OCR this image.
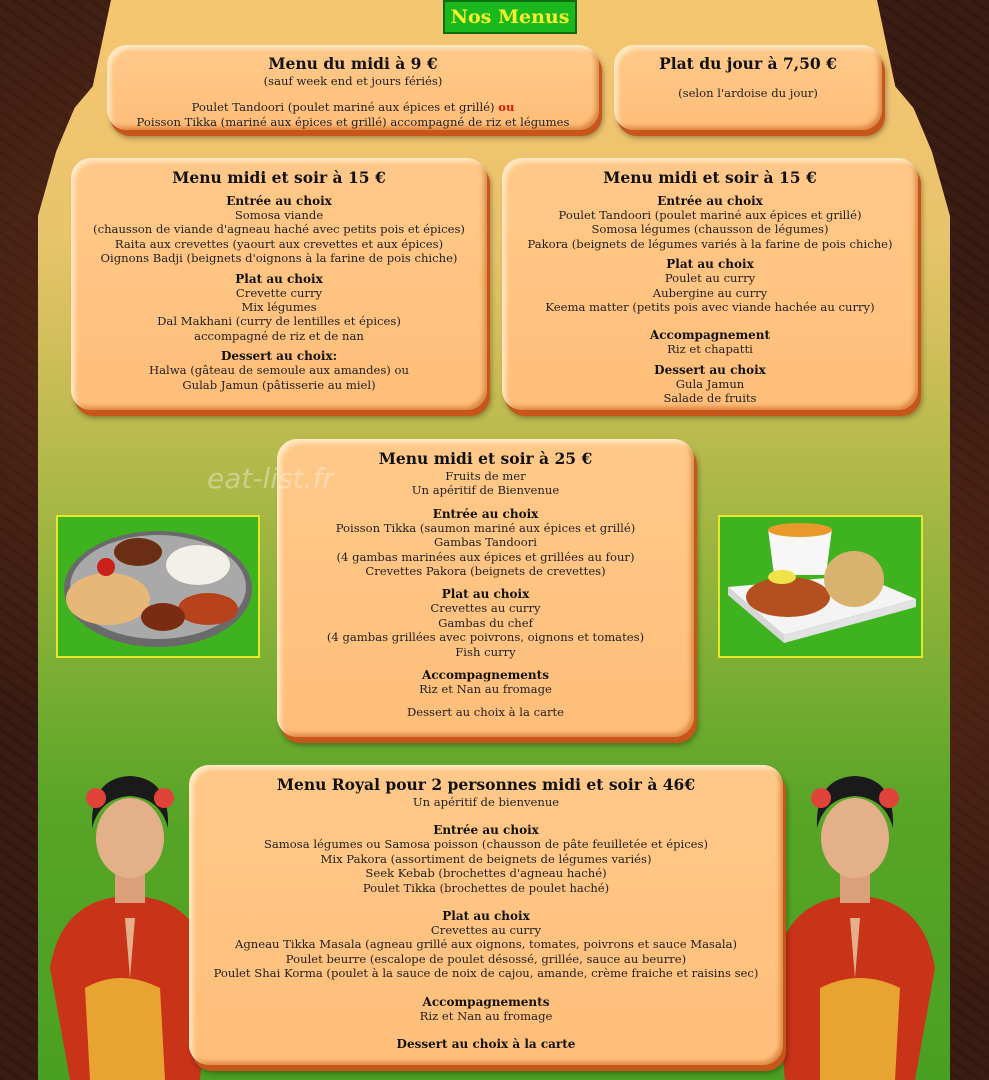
Nos Menus
Menu du midi à 9 €
(sauf week end et jours fériés)
Poulet Tandoori (poulet mariné aux épices et grillé) ou
Poisson Tikka (mariné aux épices et grillé) accompagné de riz et légumes
Plat du jour à 7,50 €
(selon l'ardoise du jour)
Menu midi et soir à 15 €
Entrée au choix
Somosa viande
(chausson de viande d'agneau haché avec petits pois et épices)
Raita aux crevettes (yaourt aux crevettes et aux épices)
Oignons Badji (beignets d'oignons à la farine de pois chiche)
Plat au choix
Crevette curry
Mix légumes
Dal Makhani (curry de lentilles et épices)
accompagné de riz et de nan
Dessert au choix:
Halwa (gâteau de semoule aux amandes) ou
Gulab Jamun (pâtisserie au miel)
Menu midi et soir à 15 €
Entrée au choix
Poulet Tandoori (poulet mariné aux épices et grillé)
Somosa légumes (chausson de légumes)
Pakora (beignets de légumes variés à la farine de pois chiche)
Plat au choix
Poulet au curry
Aubergine au curry
Keema matter (petits pois avec viande hachée au curry)
Accompagnement
Riz et chapatti
Dessert au choix
Gula Jamun
Salade de fruits
Menu midi et soir à 25 €
Fruits de mer
Un apéritif de Bienvenue
Entrée au choix
Poisson Tikka (saumon mariné aux épices et grillé)
Gambas Tandoori
(4 gambas marinées aux épices et grillées au four)
Crevettes Pakora (beignets de crevettes)
Plat au choix
Crevettes au curry
Gambas du chef
(4 gambas grillées avec poivrons, oignons et tomates)
Fish curry
Accompagnements
Riz et Nan au fromage
Dessert au choix à la carte
eat-list.fr
Menu Royal pour 2 personnes midi et soir à 46€
Un apéritif de bienvenue
Entrée au choix
Samosa légumes ou Samosa poisson (chausson de pâte feuilletée et épices)
Mix Pakora (assortiment de beignets de légumes variés)
Seek Kebab (brochettes d'agneau haché)
Poulet Tikka (brochettes de poulet haché)
Plat au choix
Crevettes au curry
Agneau Tikka Masala (agneau grillé aux oignons, tomates, poivrons et sauce Masala)
Poulet beurre (escalope de poulet désossé, grillée, sauce au beurre)
Poulet Shai Korma (poulet à la sauce de noix de cajou, amande, crème fraiche et raisins sec)
Accompagnements
Riz et Nan au fromage
Dessert au choix à la carte
